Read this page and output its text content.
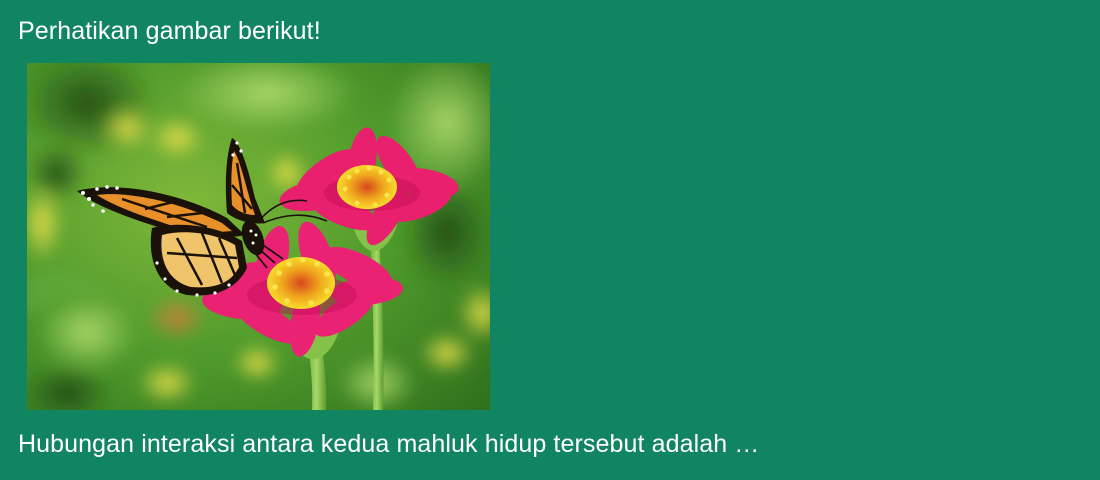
Perhatikan gambar berikut!

Hubungan interaksi antara kedua mahluk hidup tersebut adalah …
